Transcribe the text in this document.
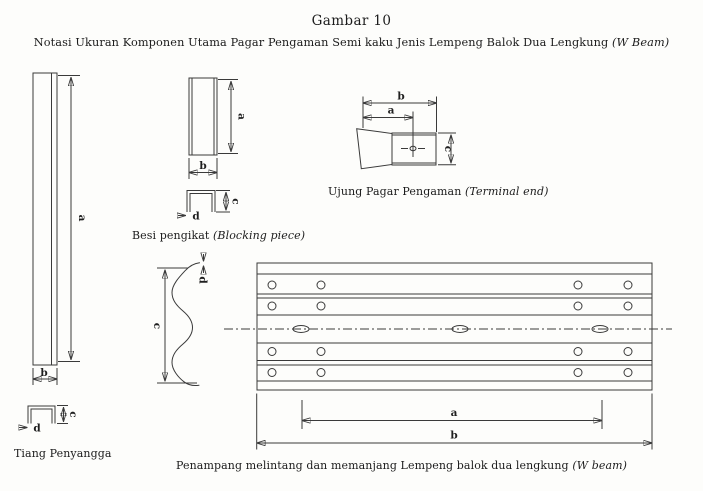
Gambar 10
Notasi Ukuran Komponen Utama Pagar Pengaman Semi kaku Jenis Lempeng Balok Dua Lengkung (W Beam)
a
b
c
d
a
b
c
d
b
a
c
c
d
a
b
Besi pengikat (Blocking piece)
Ujung Pagar Pengaman (Terminal end)
Tiang Penyangga
Penampang melintang dan memanjang Lempeng balok dua lengkung (W beam)
